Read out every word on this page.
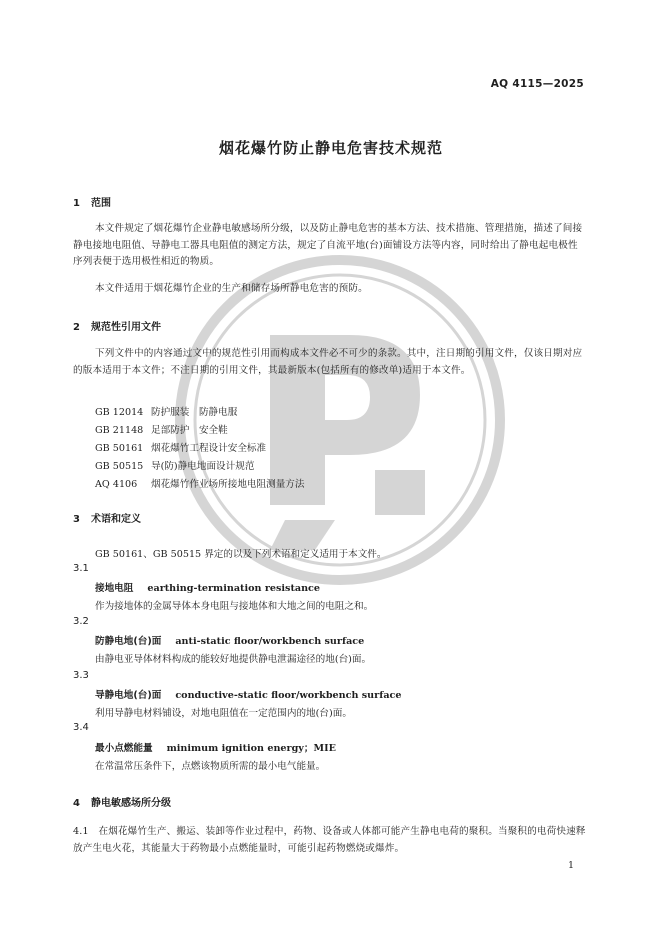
AQ 4115—2025
烟花爆竹防止静电危害技术规范
1 范围
本文件规定了烟花爆竹企业静电敏感场所分级，以及防止静电危害的基本方法、技术措施、管理措施，描述了间接静电接地电阻值、导静电工器具电阻值的测定方法，规定了自流平地(台)面铺设方法等内容，同时给出了静电起电极性序列表便于选用极性相近的物质。
本文件适用于烟花爆竹企业的生产和储存场所静电危害的预防。
2 规范性引用文件
下列文件中的内容通过文中的规范性引用而构成本文件必不可少的条款。其中，注日期的引用文件，仅该日期对应的版本适用于本文件；不注日期的引用文件，其最新版本(包括所有的修改单)适用于本文件。
GB 12014 防护服装　防静电服
GB 21148 足部防护　安全鞋
GB 50161 烟花爆竹工程设计安全标准
GB 50515 导(防)静电地面设计规范
AQ 4106 烟花爆竹作业场所接地电阻测量方法
3 术语和定义
GB 50161、GB 50515 界定的以及下列术语和定义适用于本文件。
3.1
接地电阻 earthing-termination resistance
作为接地体的金属导体本身电阻与接地体和大地之间的电阻之和。
3.2
防静电地(台)面 anti-static floor/workbench surface
由静电亚导体材料构成的能较好地提供静电泄漏途径的地(台)面。
3.3
导静电地(台)面 conductive-static floor/workbench surface
利用导静电材料铺设，对地电阻值在一定范围内的地(台)面。
3.4
最小点燃能量 minimum ignition energy；MIE
在常温常压条件下，点燃该物质所需的最小电气能量。
4 静电敏感场所分级
4.1　在烟花爆竹生产、搬运、装卸等作业过程中，药物、设备或人体都可能产生静电电荷的聚积。当聚积的电荷快速释放产生电火花，其能量大于药物最小点燃能量时，可能引起药物燃烧或爆炸。
1
